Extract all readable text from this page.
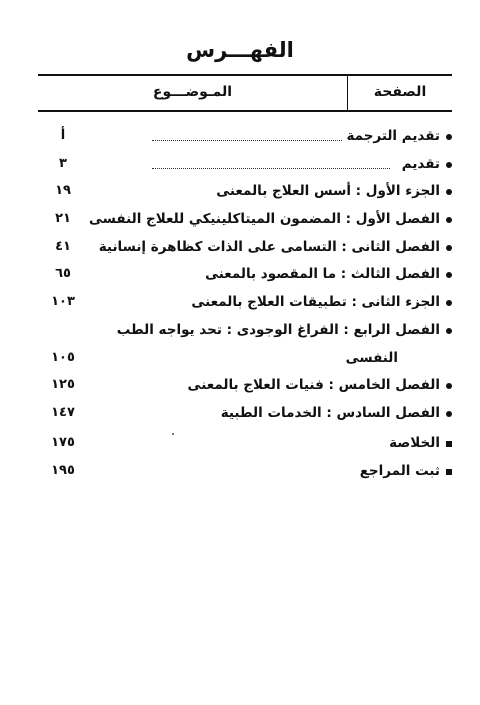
الفهـــرس
الصفحة
المـوضـــوع
تقديم الترجمة
أ
تقديم
٣
الجزء الأول : أسس العلاج بالمعنى
١٩
الفصل الأول : المضمون الميتاكلينيكي للعلاج النفسى
٢١
الفصل الثانى : التسامى على الذات كظاهرة إنسانية
٤١
الفصل الثالث : ما المقصود بالمعنى
٦٥
الجزء الثانى : تطبيقات العلاج بالمعنى
١٠٣
الفصل الرابع : الفراغ الوجودى : تحد يواجه الطب
النفسى
١٠٥
الفصل الخامس : فنيات العلاج بالمعنى
١٢٥
الفصل السادس : الخدمات الطبية
١٤٧
الخلاصة
١٧٥
ثبت المراجع
١٩٥
